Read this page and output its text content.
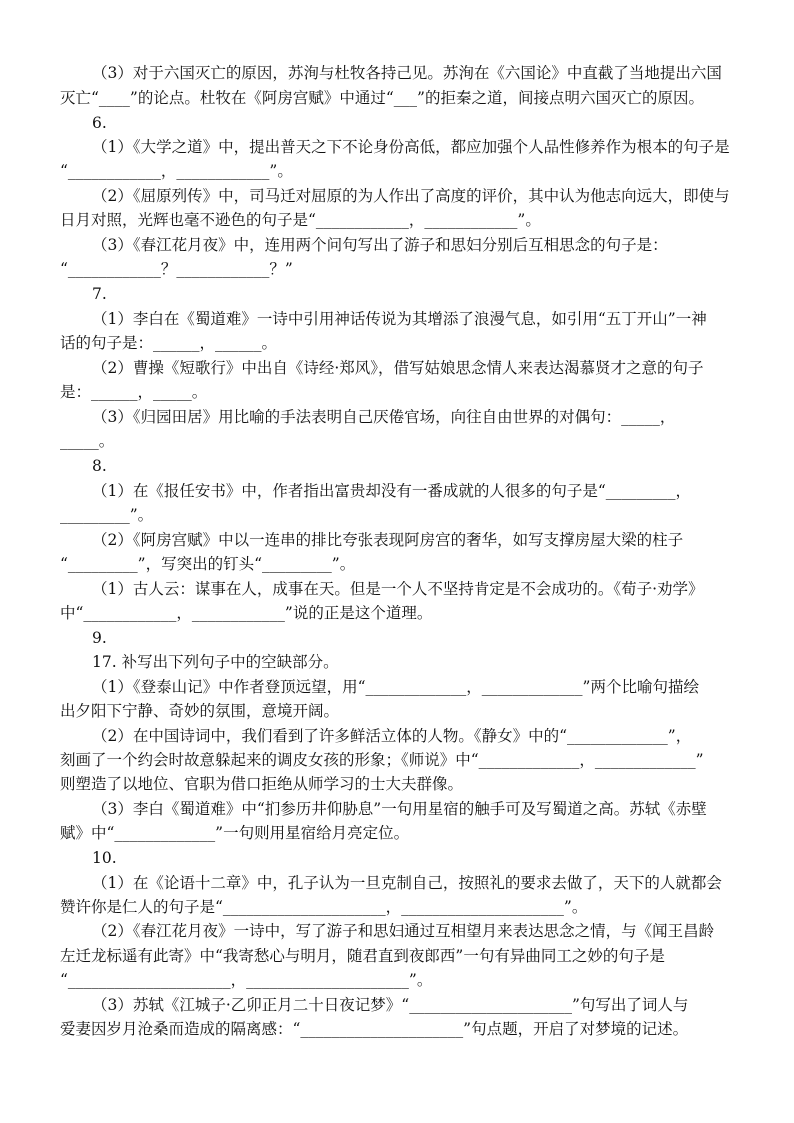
（3）对于六国灭亡的原因，苏洵与杜牧各持己见。苏洵在《六国论》中直截了当地提出六国
灭亡“____”的论点。杜牧在《阿房宫赋》中通过“___”的拒秦之道，间接点明六国灭亡的原因。
6.
（1）《大学之道》中，提出普天之下不论身份高低，都应加强个人品性修养作为根本的句子是
“____________，____________”。
（2）《屈原列传》中，司马迁对屈原的为人作出了高度的评价，其中认为他志向远大，即使与
日月对照，光辉也毫不逊色的句子是“____________，____________”。
（3）《春江花月夜》中，连用两个问句写出了游子和思妇分别后互相思念的句子是：
“____________？____________？”
7.
（1）李白在《蜀道难》一诗中引用神话传说为其增添了浪漫气息，如引用“五丁开山”一神
话的句子是：______，______。
（2）曹操《短歌行》中出自《诗经·郑风》，借写姑娘思念情人来表达渴慕贤才之意的句子
是：______，_____。
（3）《归园田居》用比喻的手法表明自己厌倦官场，向往自由世界的对偶句：_____，
_____。
8.
（1）在《报任安书》中，作者指出富贵却没有一番成就的人很多的句子是“_________，
_________”。
（2）《阿房宫赋》中以一连串的排比夸张表现阿房宫的奢华，如写支撑房屋大梁的柱子
“_________”，写突出的钉头“_________”。
（1）古人云：谋事在人，成事在天。但是一个人不坚持肯定是不会成功的。《荀子·劝学》
中“____________，____________”说的正是这个道理。
9.
17. 补写出下列句子中的空缺部分。
（1）《登泰山记》中作者登顶远望，用“_____________，_____________”两个比喻句描绘
出夕阳下宁静、奇妙的氛围，意境开阔。
（2）在中国诗词中，我们看到了许多鲜活立体的人物。《静女》中的“_____________”，
刻画了一个约会时故意躲起来的调皮女孩的形象；《师说》中“_____________，_____________”
则塑造了以地位、官职为借口拒绝从师学习的士大夫群像。
（3）李白《蜀道难》中“扪参历井仰胁息”一句用星宿的触手可及写蜀道之高。苏轼《赤壁
赋》中“_____________”一句则用星宿给月亮定位。
10.
（1）在《论语十二章》中，孔子认为一旦克制自己，按照礼的要求去做了，天下的人就都会
赞许你是仁人的句子是“_____________________，_____________________”。
（2）《春江花月夜》一诗中，写了游子和思妇通过互相望月来表达思念之情，与《闻王昌龄
左迁龙标遥有此寄》中“我寄愁心与明月，随君直到夜郎西”一句有异曲同工之妙的句子是
“_____________________，_____________________”。
（3）苏轼《江城子·乙卯正月二十日夜记梦》“_____________________”句写出了词人与
爱妻因岁月沧桑而造成的隔离感：“_____________________”句点题，开启了对梦境的记述。
